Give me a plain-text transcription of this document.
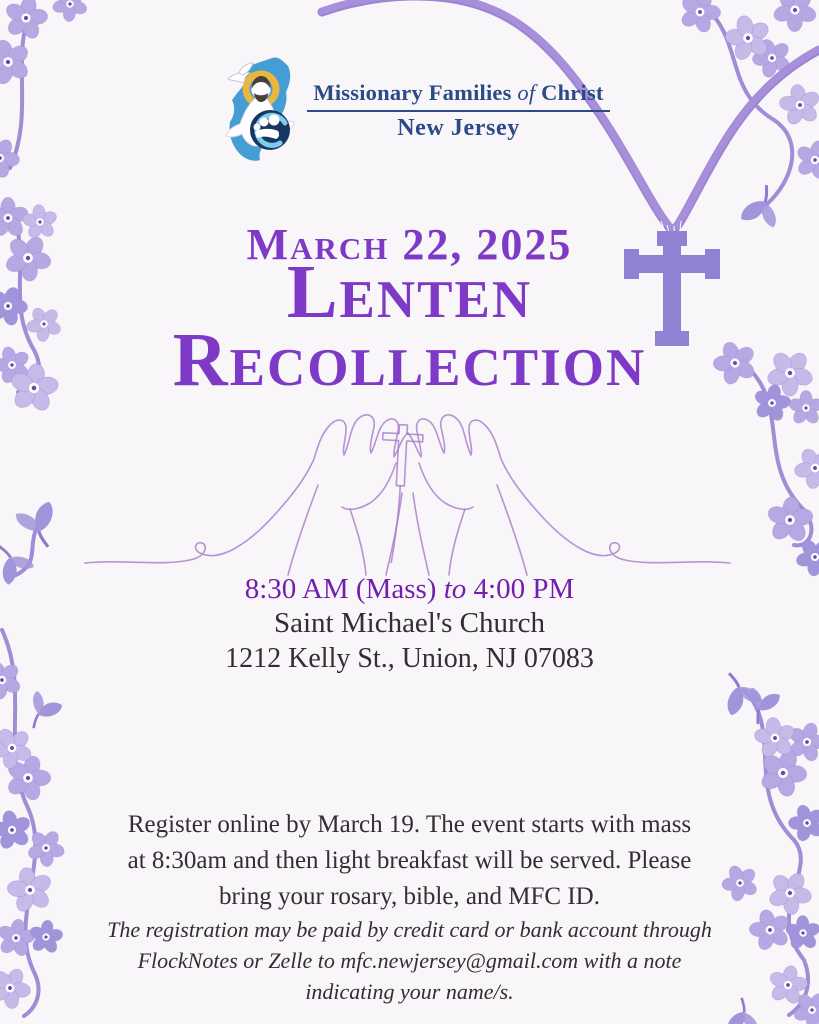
Missionary Families of Christ
New Jersey
March 22, 2025
Lenten
Recollection
8:30 AM (Mass) to 4:00 PM
Saint Michael's Church
1212 Kelly St., Union, NJ 07083

Register online by March 19. The event starts with mass at 8:30am and then light breakfast will be served. Please bring your rosary, bible, and MFC ID.

The registration may be paid by credit card or bank account through FlockNotes or Zelle to mfc.newjersey@gmail.com with a note indicating your name/s.
